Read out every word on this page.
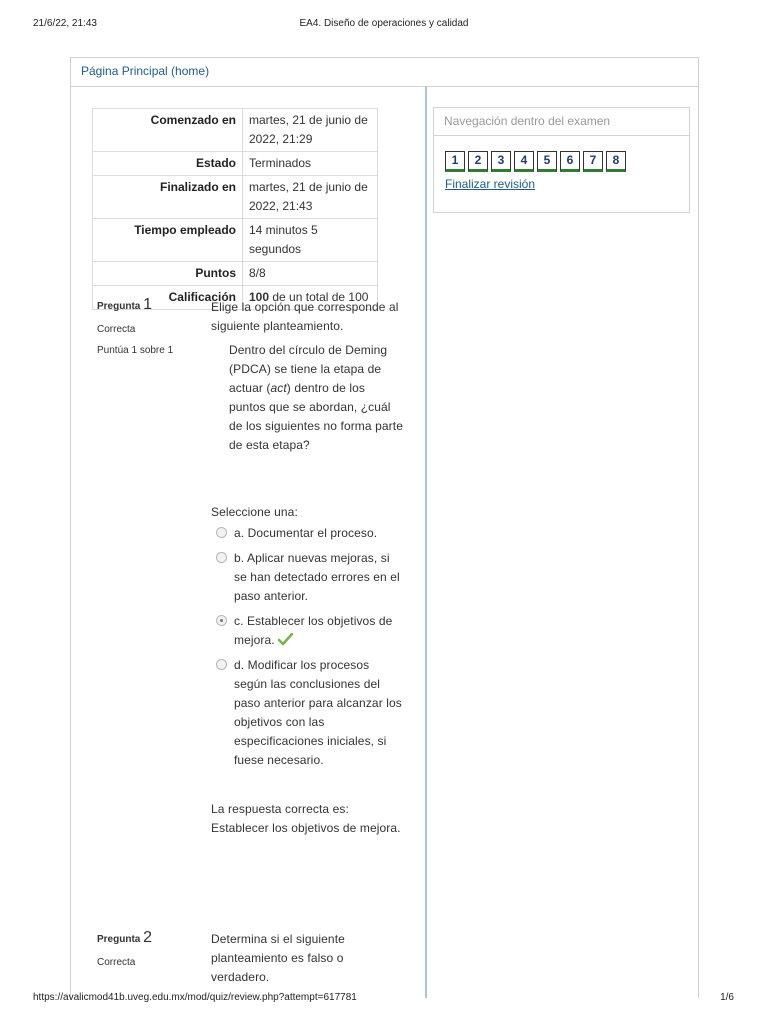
21/6/22, 21:43	EA4. Diseño de operaciones y calidad
Página Principal (home)
Comenzado en	martes, 21 de junio de 2022, 21:29
Estado	Terminados
Finalizado en	martes, 21 de junio de 2022, 21:43
Tiempo empleado	14 minutos 5 segundos
Puntos	8/8
Calificación	100 de un total de 100
Navegación dentro del examen
1 2 3 4 5 6 7 8
Finalizar revisión
Pregunta 1
Correcta
Puntúa 1 sobre 1

Elige la opción que corresponde al siguiente planteamiento.

Dentro del círculo de Deming (PDCA) se tiene la etapa de actuar (act) dentro de los puntos que se abordan, ¿cuál de los siguientes no forma parte de esta etapa?

Seleccione una:

a. Documentar el proceso.
b. Aplicar nuevas mejoras, si se han detectado errores en el paso anterior.
c. Establecer los objetivos de mejora.
d. Modificar los procesos según las conclusiones del paso anterior para alcanzar los objetivos con las especificaciones iniciales, si fuese necesario.

La respuesta correcta es: Establecer los objetivos de mejora.

Pregunta 2
Correcta

Determina si el siguiente planteamiento es falso o verdadero.

https://avalicmod41b.uveg.edu.mx/mod/quiz/review.php?attempt=617781	1/6
